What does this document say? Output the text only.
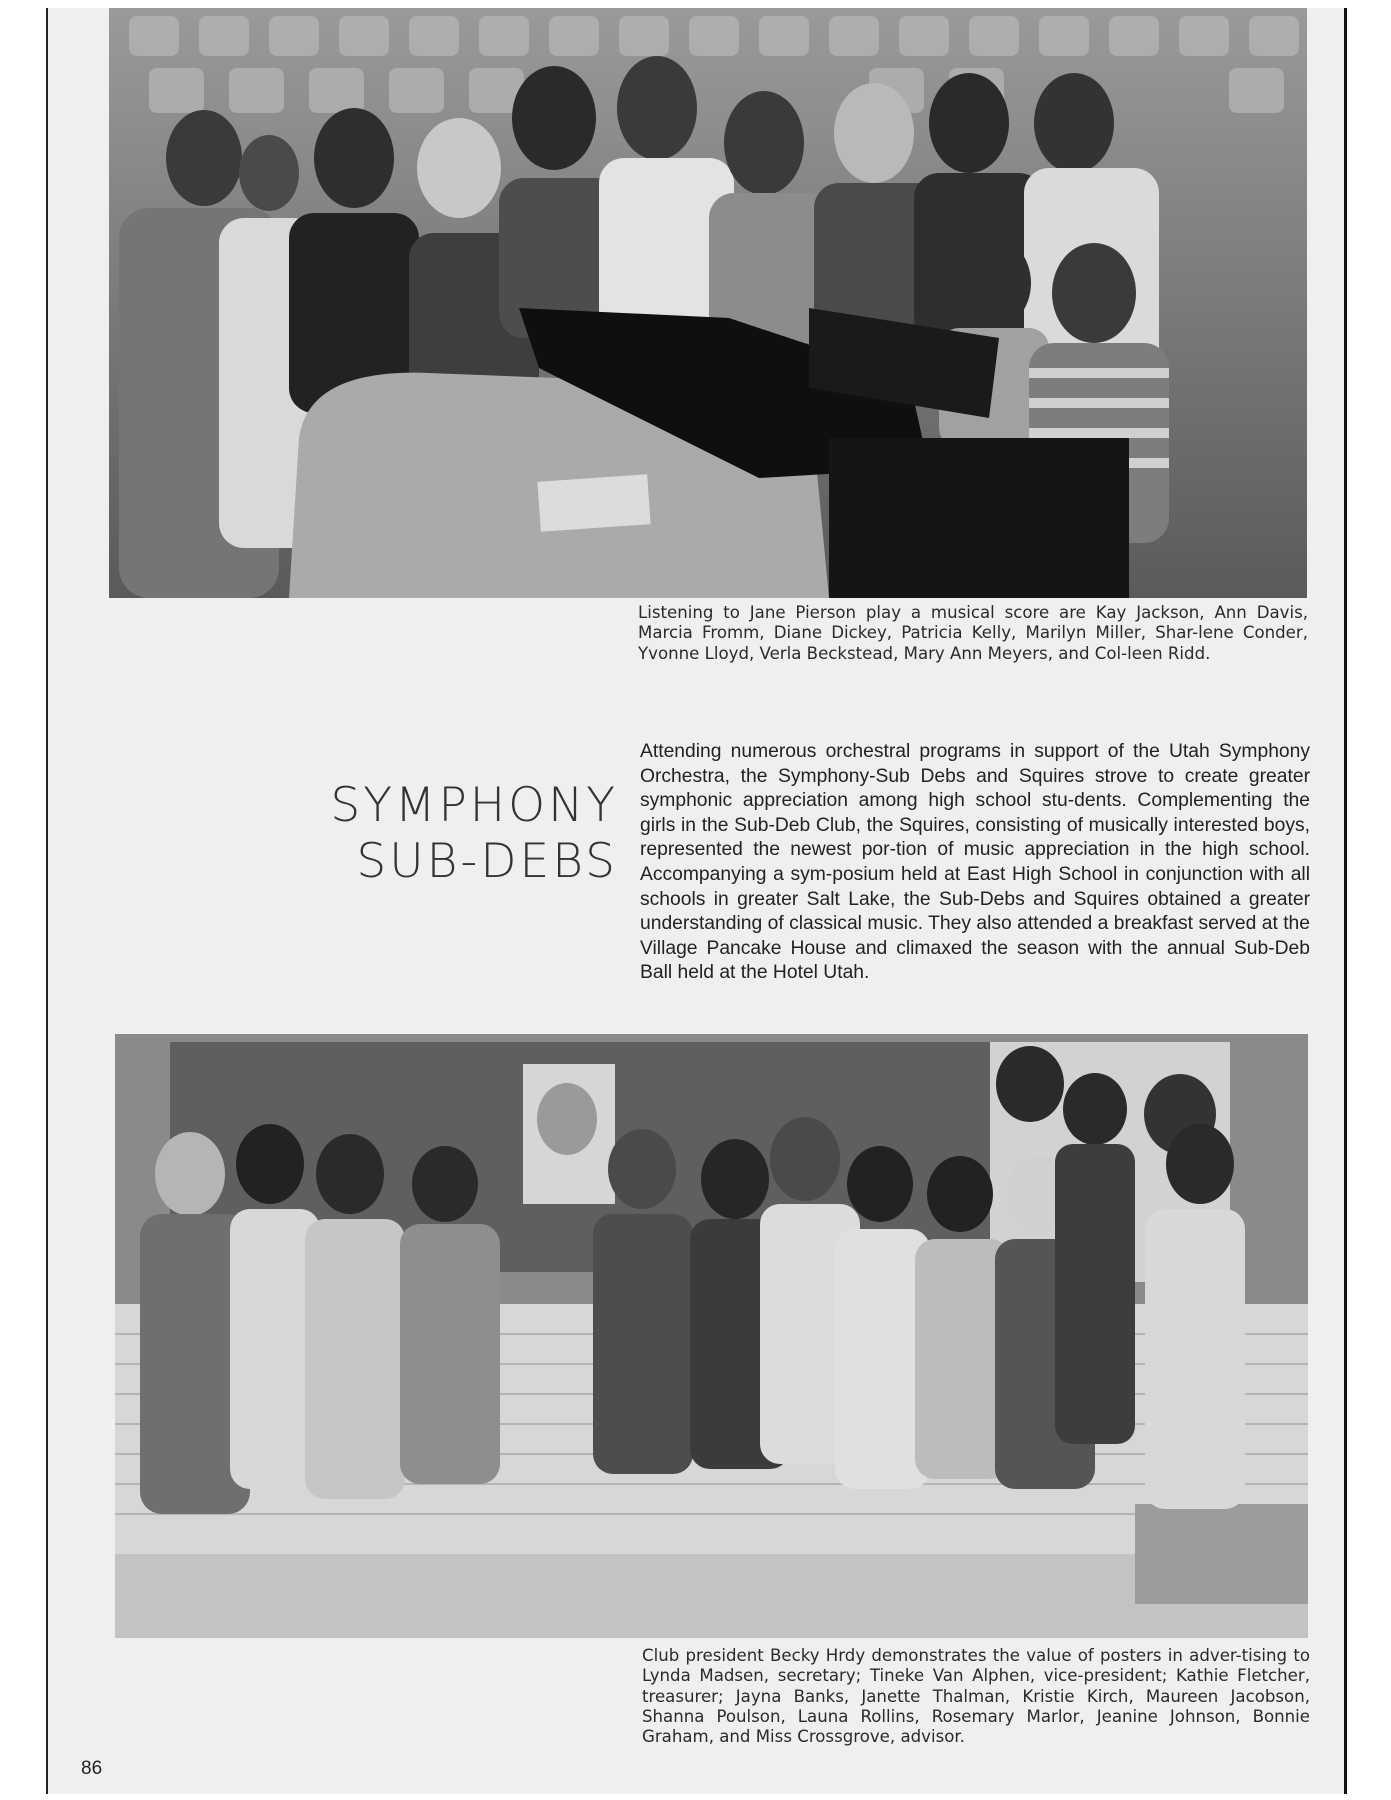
Listening to Jane Pierson play a musical score are Kay Jackson, Ann Davis, Marcia Fromm, Diane Dickey, Patricia Kelly, Marilyn Miller, Shar-lene Conder, Yvonne Lloyd, Verla Beckstead, Mary Ann Meyers, and Col-leen Ridd.
SYMPHONY
SUB-DEBS
Attending numerous orchestral programs in support of the Utah Symphony Orchestra, the Symphony-Sub Debs and Squires strove to create greater symphonic appreciation among high school stu-dents. Complementing the girls in the Sub-Deb Club, the Squires, consisting of musically interested boys, represented the newest por-tion of music appreciation in the high school. Accompanying a sym-posium held at East High School in conjunction with all schools in greater Salt Lake, the Sub-Debs and Squires obtained a greater understanding of classical music. They also attended a breakfast served at the Village Pancake House and climaxed the season with the annual Sub-Deb Ball held at the Hotel Utah.
Club president Becky Hrdy demonstrates the value of posters in adver-tising to Lynda Madsen, secretary; Tineke Van Alphen, vice-president; Kathie Fletcher, treasurer; Jayna Banks, Janette Thalman, Kristie Kirch, Maureen Jacobson, Shanna Poulson, Launa Rollins, Rosemary Marlor, Jeanine Johnson, Bonnie Graham, and Miss Crossgrove, advisor.
86
